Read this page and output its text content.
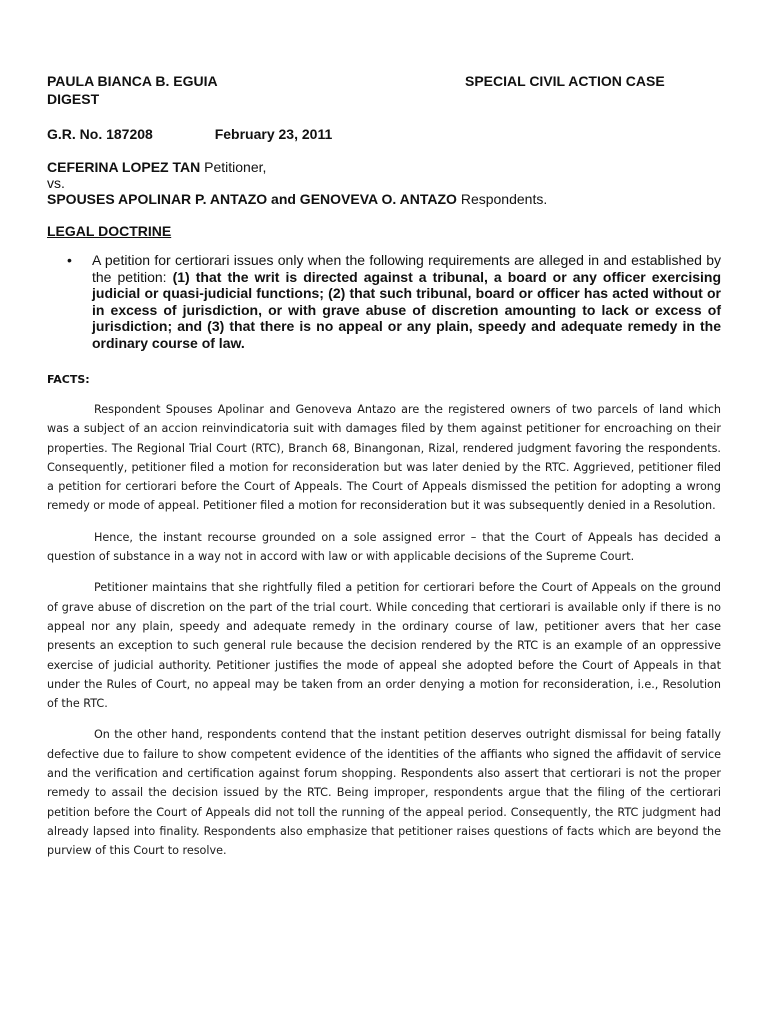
PAULA BIANCA B. EGUIA	SPECIAL CIVIL ACTION CASE
DIGEST
G.R. No. 187208	February 23, 2011
CEFERINA LOPEZ TAN Petitioner,
vs.
SPOUSES APOLINAR P. ANTAZO and GENOVEVA O. ANTAZO Respondents.
LEGAL DOCTRINE
• A petition for certiorari issues only when the following requirements are alleged in and established by the petition: (1) that the writ is directed against a tribunal, a board or any officer exercising judicial or quasi-judicial functions; (2) that such tribunal, board or officer has acted without or in excess of jurisdiction, or with grave abuse of discretion amounting to lack or excess of jurisdiction; and (3) that there is no appeal or any plain, speedy and adequate remedy in the ordinary course of law.
FACTS:

Respondent Spouses Apolinar and Genoveva Antazo are the registered owners of two parcels of land which was a subject of an accion reinvindicatoria suit with damages filed by them against petitioner for encroaching on their properties. The Regional Trial Court (RTC), Branch 68, Binangonan, Rizal, rendered judgment favoring the respondents. Consequently, petitioner filed a motion for reconsideration but was later denied by the RTC. Aggrieved, petitioner filed a petition for certiorari before the Court of Appeals. The Court of Appeals dismissed the petition for adopting a wrong remedy or mode of appeal. Petitioner filed a motion for reconsideration but it was subsequently denied in a Resolution.

Hence, the instant recourse grounded on a sole assigned error – that the Court of Appeals has decided a question of substance in a way not in accord with law or with applicable decisions of the Supreme Court.

Petitioner maintains that she rightfully filed a petition for certiorari before the Court of Appeals on the ground of grave abuse of discretion on the part of the trial court. While conceding that certiorari is available only if there is no appeal nor any plain, speedy and adequate remedy in the ordinary course of law, petitioner avers that her case presents an exception to such general rule because the decision rendered by the RTC is an example of an oppressive exercise of judicial authority. Petitioner justifies the mode of appeal she adopted before the Court of Appeals in that under the Rules of Court, no appeal may be taken from an order denying a motion for reconsideration, i.e., Resolution of the RTC.

On the other hand, respondents contend that the instant petition deserves outright dismissal for being fatally defective due to failure to show competent evidence of the identities of the affiants who signed the affidavit of service and the verification and certification against forum shopping. Respondents also assert that certiorari is not the proper remedy to assail the decision issued by the RTC. Being improper, respondents argue that the filing of the certiorari petition before the Court of Appeals did not toll the running of the appeal period. Consequently, the RTC judgment had already lapsed into finality. Respondents also emphasize that petitioner raises questions of facts which are beyond the purview of this Court to resolve.
